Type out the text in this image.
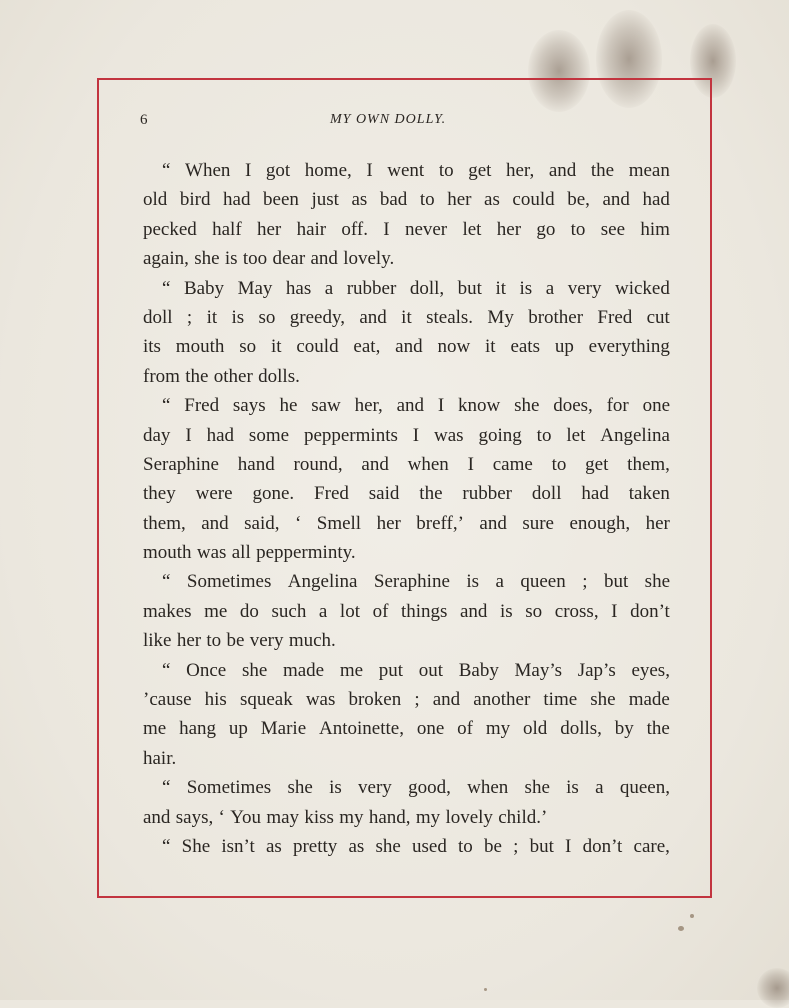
6	MY OWN DOLLY.
“ When I got home, I went to get her, and the mean
old bird had been just as bad to her as could be, and had
pecked half her hair off. I never let her go to see him
again, she is too dear and lovely.
“ Baby May has a rubber doll, but it is a very wicked
doll ; it is so greedy, and it steals. My brother Fred cut
its mouth so it could eat, and now it eats up everything
from the other dolls.
“ Fred says he saw her, and I know she does, for one
day I had some peppermints I was going to let Angelina
Seraphine hand round, and when I came to get them,
they were gone. Fred said the rubber doll had taken
them, and said, ‘ Smell her breff,’ and sure enough, her
mouth was all pepperminty.
“ Sometimes Angelina Seraphine is a queen ; but she
makes me do such a lot of things and is so cross, I don’t
like her to be very much.
“ Once she made me put out Baby May’s Jap’s eyes,
’cause his squeak was broken ; and another time she made
me hang up Marie Antoinette, one of my old dolls, by the
hair.
“ Sometimes she is very good, when she is a queen,
and says, ‘ You may kiss my hand, my lovely child.’
“ She isn’t as pretty as she used to be ; but I don’t care,
